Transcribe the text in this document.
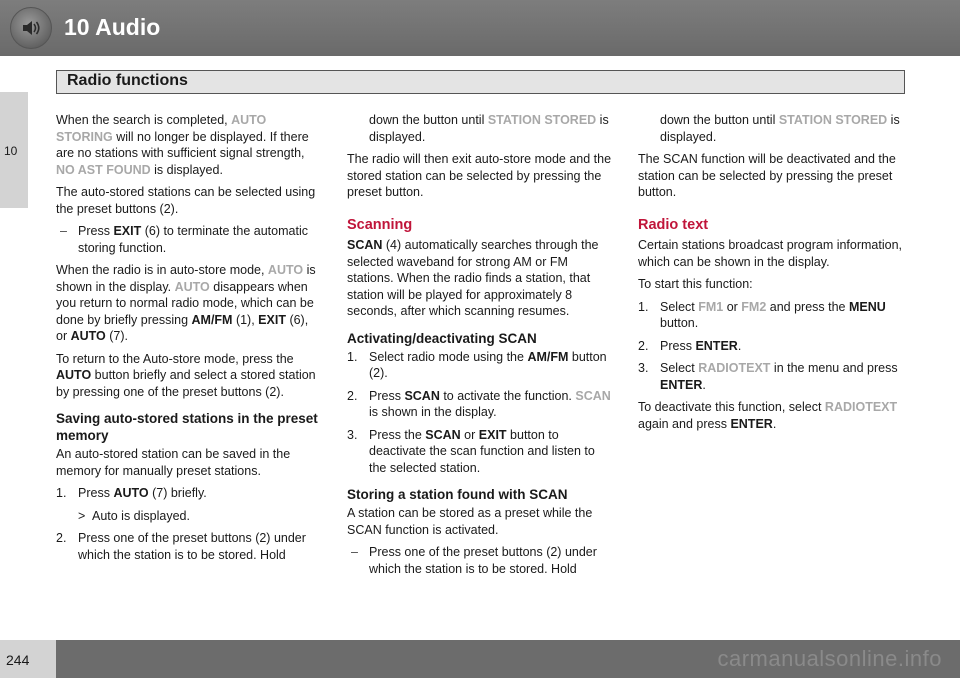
10 Audio
Radio functions
10

When the search is completed, AUTO STORING will no longer be displayed. If there are no stations with sufficient signal strength, NO AST FOUND is displayed.

The auto-stored stations can be selected using the preset buttons (2).

– Press EXIT (6) to terminate the automatic storing function.

When the radio is in auto-store mode, AUTO is shown in the display. AUTO disappears when you return to normal radio mode, which can be done by briefly pressing AM/FM (1), EXIT (6), or AUTO (7).

To return to the Auto-store mode, press the AUTO button briefly and select a stored station by pressing one of the preset buttons (2).

Saving auto-stored stations in the preset memory

An auto-stored station can be saved in the memory for manually preset stations.

1. Press AUTO (7) briefly.
> Auto is displayed.
2. Press one of the preset buttons (2) under which the station is to be stored. Hold

down the button until STATION STORED is displayed.

The radio will then exit auto-store mode and the stored station can be selected by pressing the preset button.

Scanning

SCAN (4) automatically searches through the selected waveband for strong AM or FM stations. When the radio finds a station, that station will be played for approximately 8 seconds, after which scanning resumes.

Activating/deactivating SCAN
1. Select radio mode using the AM/FM button (2).
2. Press SCAN to activate the function. SCAN is shown in the display.
3. Press the SCAN or EXIT button to deactivate the scan function and listen to the selected station.
Storing a station found with SCAN

A station can be stored as a preset while the SCAN function is activated.

– Press one of the preset buttons (2) under which the station is to be stored. Hold

down the button until STATION STORED is displayed.

The SCAN function will be deactivated and the station can be selected by pressing the preset button.

Radio text

Certain stations broadcast program information, which can be shown in the display.

To start this function:

1. Select FM1 or FM2 and press the MENU button.
2. Press ENTER.
3. Select RADIOTEXT in the menu and press ENTER.

To deactivate this function, select RADIOTEXT again and press ENTER.

244	carmanualsonline.info
